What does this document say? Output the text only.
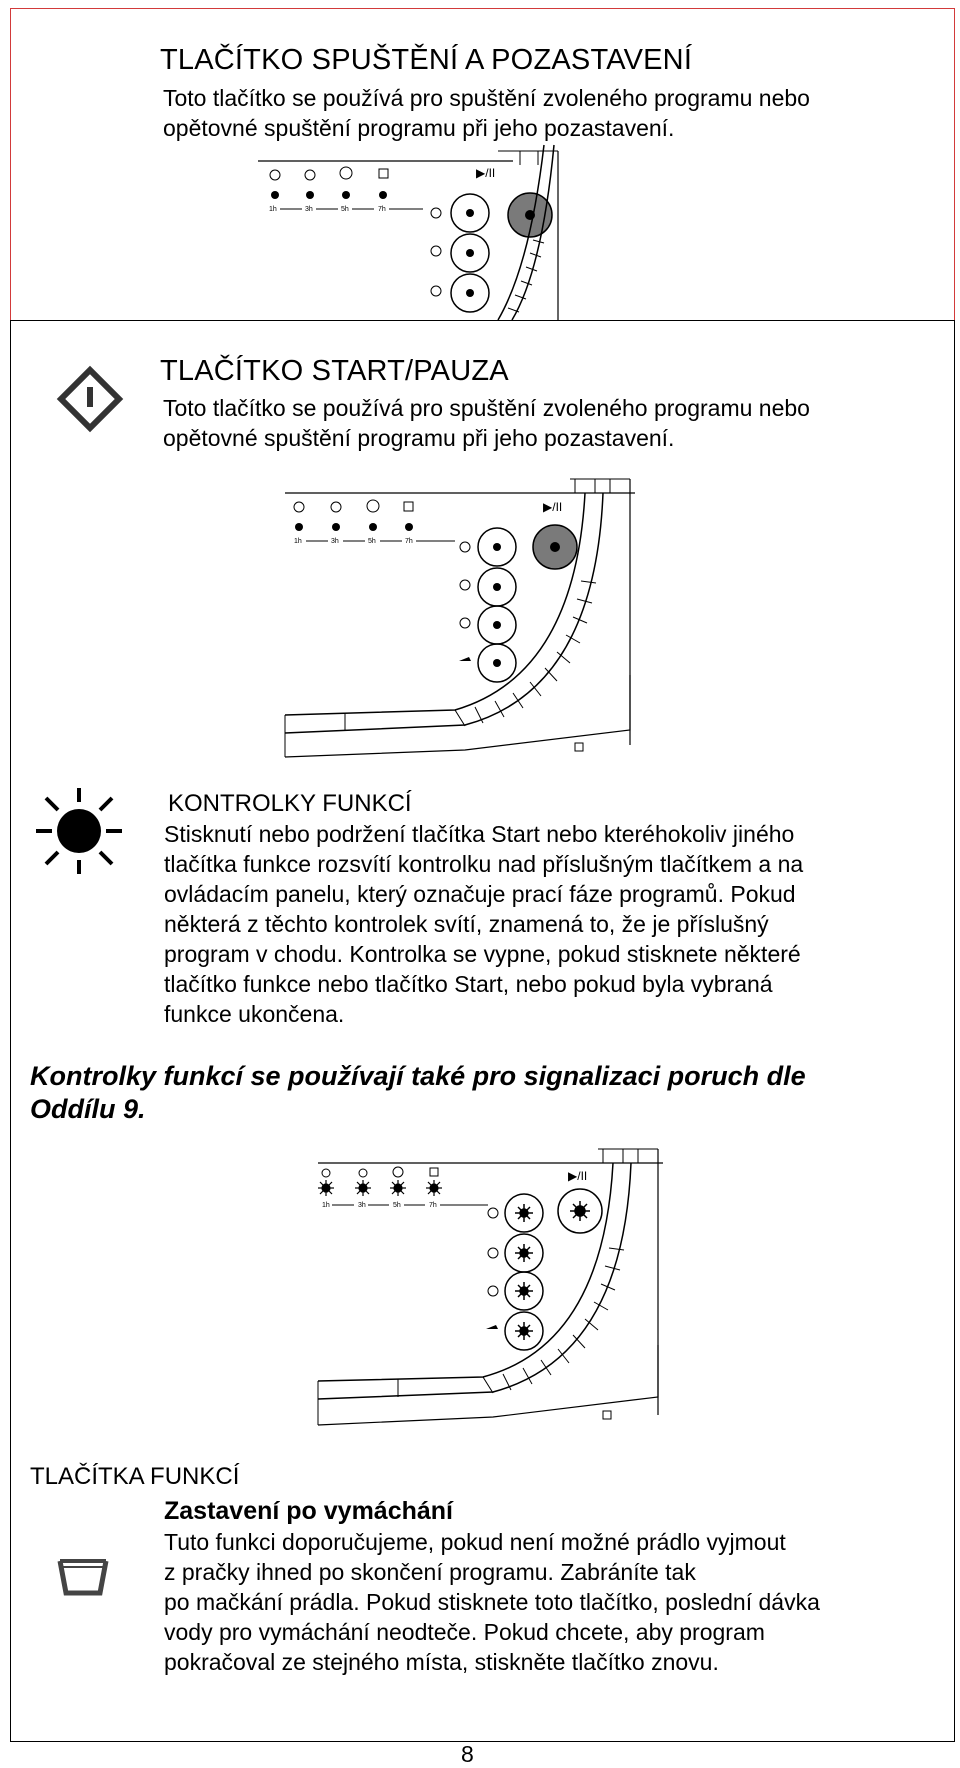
TLAČÍTKO SPUŠTĚNÍ A POZASTAVENÍ
Toto tlačítko se používá pro spuštění zvoleného programu nebo
opětovné spuštění programu při jeho pozastavení.
1h	3h	5h	7h
▶/II
TLAČÍTKO START/PAUZA
Toto tlačítko se používá pro spuštění zvoleného programu nebo
opětovné spuštění programu při jeho pozastavení.
1h	3h	5h	7h
▶/II
KONTROLKY FUNKCÍ
Stisknutí nebo podržení tlačítka Start nebo kteréhokoliv jiného
tlačítka funkce rozsvítí kontrolku nad příslušným tlačítkem a na
ovládacím panelu, který označuje prací fáze programů. Pokud
některá z těchto kontrolek svítí, znamená to, že je příslušný
program v chodu. Kontrolka se vypne, pokud stisknete některé
tlačítko funkce nebo tlačítko Start, nebo pokud byla vybraná
funkce ukončena.
Kontrolky funkcí se používají také pro signalizaci poruch dle
Oddílu 9.
1h	3h	5h	7h
▶/II
TLAČÍTKA FUNKCÍ
Zastavení po vymáchání
Tuto funkci doporučujeme, pokud není možné prádlo vyjmout
z pračky ihned po skončení programu. Zabráníte tak
po mačkání prádla. Pokud stisknete toto tlačítko, poslední dávka
vody pro vymáchání neodteče. Pokud chcete, aby program
pokračoval ze stejného místa, stiskněte tlačítko znovu.
8
